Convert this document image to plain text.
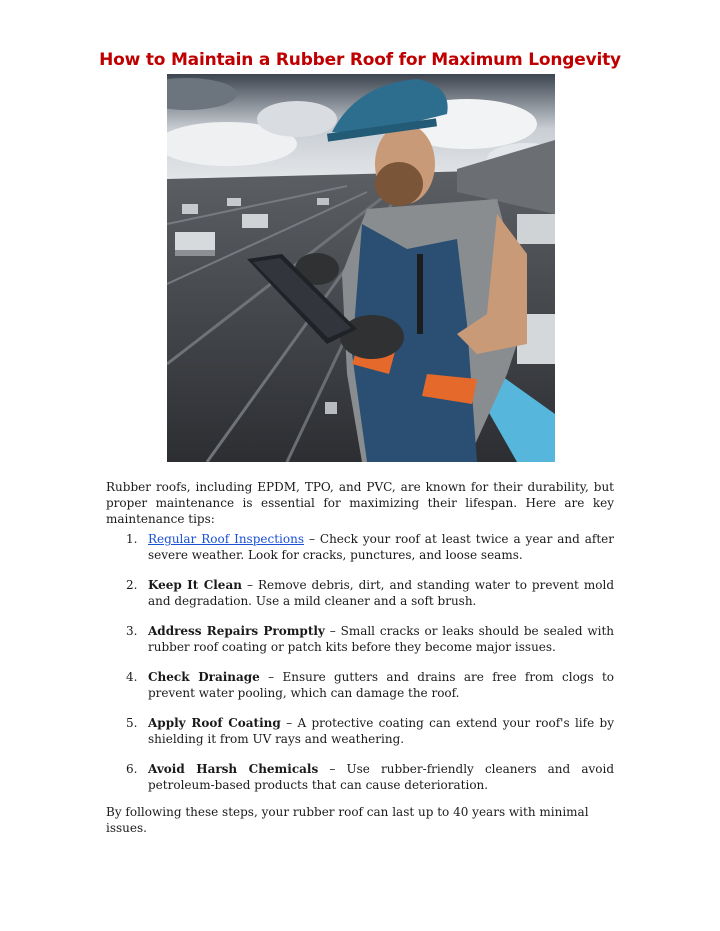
How to Maintain a Rubber Roof for Maximum Longevity

Rubber roofs, including EPDM, TPO, and PVC, are known for their durability, but proper maintenance is essential for maximizing their lifespan. Here are key maintenance tips:

1. Regular Roof Inspections – Check your roof at least twice a year and after severe weather. Look for cracks, punctures, and loose seams.
2. Keep It Clean – Remove debris, dirt, and standing water to prevent mold and degradation. Use a mild cleaner and a soft brush.
3. Address Repairs Promptly – Small cracks or leaks should be sealed with rubber roof coating or patch kits before they become major issues.
4. Check Drainage – Ensure gutters and drains are free from clogs to prevent water pooling, which can damage the roof.
5. Apply Roof Coating – A protective coating can extend your roof's life by shielding it from UV rays and weathering.
6. Avoid Harsh Chemicals – Use rubber-friendly cleaners and avoid petroleum-based products that can cause deterioration.

By following these steps, your rubber roof can last up to 40 years with minimal issues.
